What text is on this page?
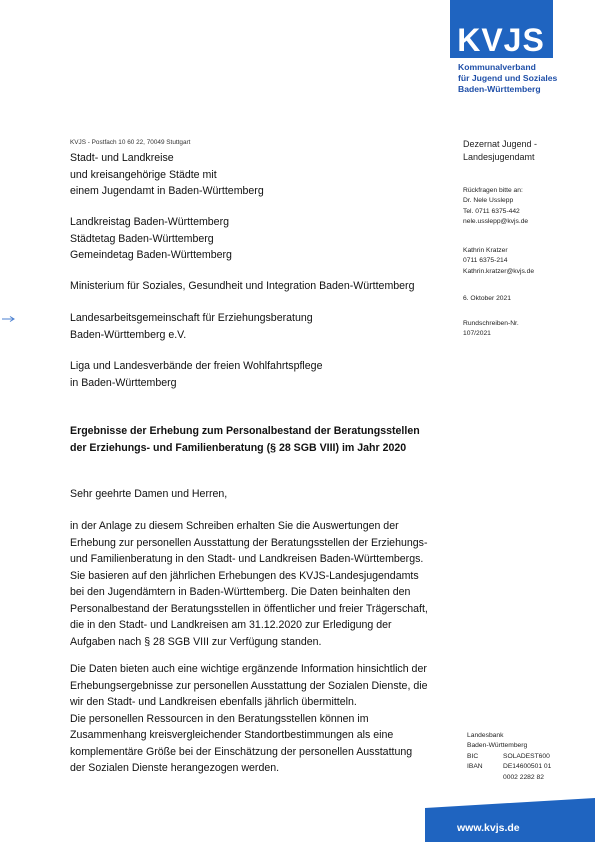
KVJS
Kommunalverband
für Jugend und Soziales
Baden-Württemberg
KVJS - Postfach 10 60 22, 70049 Stuttgart
Stadt- und Landkreise
und kreisangehörige Städte mit
einem Jugendamt in Baden-Württemberg
Landkreistag Baden-Württemberg
Städtetag Baden-Württemberg
Gemeindetag Baden-Württemberg
Ministerium für Soziales, Gesundheit und Integration Baden-Württemberg
Landesarbeitsgemeinschaft für Erziehungsberatung
Baden-Württemberg e.V.
Liga und Landesverbände der freien Wohlfahrtspflege
in Baden-Württemberg
Dezernat Jugend -
Landesjugendamt
Rückfragen bitte an:
Dr. Nele Usslepp
Tel. 0711 6375-442
nele.usslepp@kvjs.de
Kathrin Kratzer
0711 6375-214
Kathrin.kratzer@kvjs.de
6. Oktober 2021
Rundschreiben-Nr.
107/2021
Ergebnisse der Erhebung zum Personalbestand der Beratungsstellen
der Erziehungs- und Familienberatung (§ 28 SGB VIII) im Jahr 2020
Sehr geehrte Damen und Herren,
in der Anlage zu diesem Schreiben erhalten Sie die Auswertungen der
Erhebung zur personellen Ausstattung der Beratungsstellen der Erziehungs-
und Familienberatung in den Stadt- und Landkreisen Baden-Württembergs.
Sie basieren auf den jährlichen Erhebungen des KVJS-Landesjugendamts
bei den Jugendämtern in Baden-Württemberg. Die Daten beinhalten den
Personalbestand der Beratungsstellen in öffentlicher und freier Trägerschaft,
die in den Stadt- und Landkreisen am 31.12.2020 zur Erledigung der
Aufgaben nach § 28 SGB VIII zur Verfügung standen.
Die Daten bieten auch eine wichtige ergänzende Information hinsichtlich der
Erhebungsergebnisse zur personellen Ausstattung der Sozialen Dienste, die
wir den Stadt- und Landkreisen ebenfalls jährlich übermitteln.
Die personellen Ressourcen in den Beratungsstellen können im
Zusammenhang kreisvergleichender Standortbestimmungen als eine
komplementäre Größe bei der Einschätzung der personellen Ausstattung
der Sozialen Dienste herangezogen werden.
Landesbank
Baden-Württemberg
BIC	SOLADEST600
IBAN	DE14600501 01
0002 2282 82
www.kvjs.de
